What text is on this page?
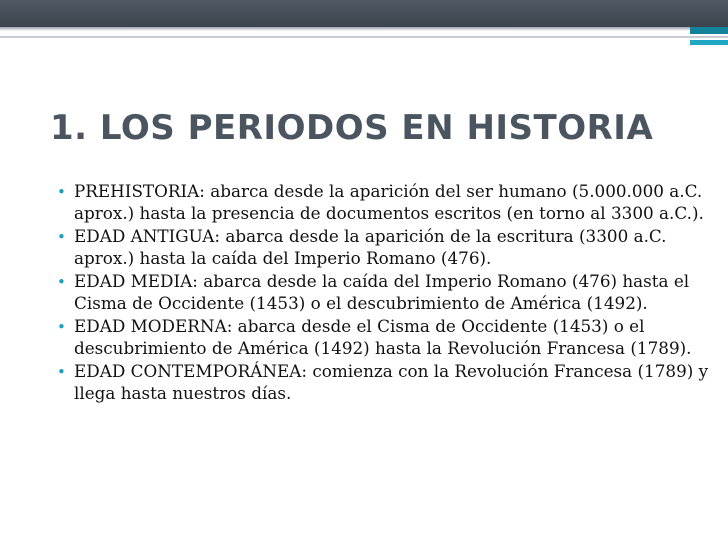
1. LOS PERIODOS EN HISTORIA
• PREHISTORIA: abarca desde la aparición del ser humano (5.000.000 a.C. aprox.) hasta la presencia de documentos escritos (en torno al 3300 a.C.).
• EDAD ANTIGUA: abarca desde la aparición de la escritura (3300 a.C. aprox.) hasta la caída del Imperio Romano (476).
• EDAD MEDIA: abarca desde la caída del Imperio Romano (476) hasta el Cisma de Occidente (1453) o el descubrimiento de América (1492).
• EDAD MODERNA: abarca desde el Cisma de Occidente (1453) o el descubrimiento de América (1492) hasta la Revolución Francesa (1789).
• EDAD CONTEMPORÁNEA: comienza con la Revolución Francesa (1789) y llega hasta nuestros días.
